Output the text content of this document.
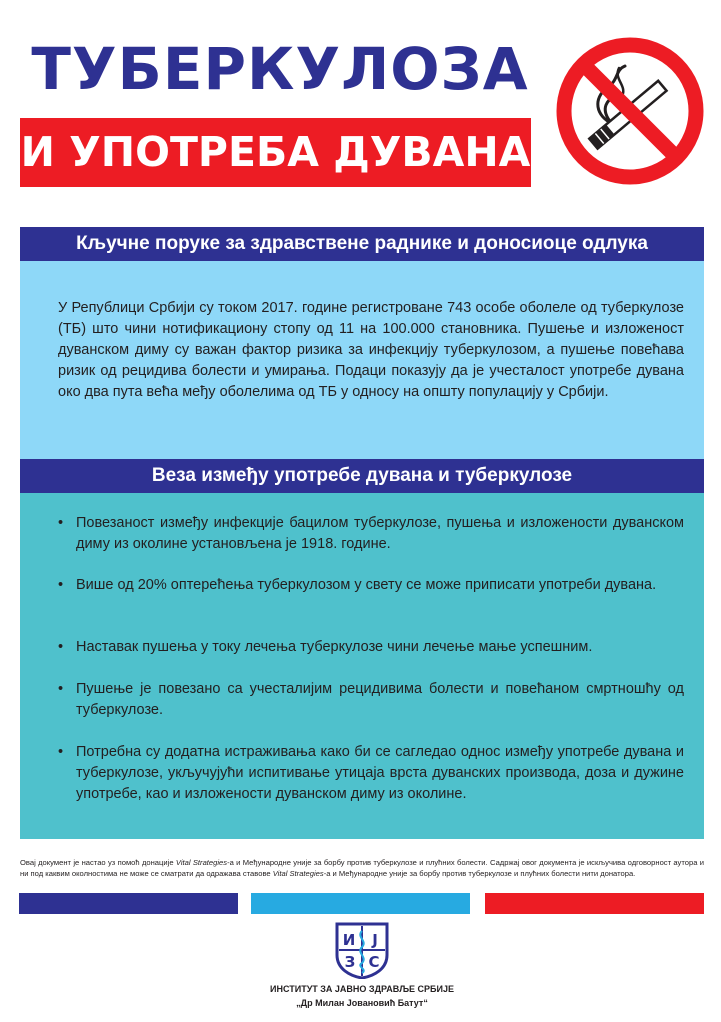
ТУБЕРКУЛОЗА
И УПОТРЕБА ДУВАНА
Кључне поруке за здравствене раднике и доносиоце одлука

У Републици Србији су током 2017. године регистроване 743 особе оболеле од туберкулозе (ТБ) што чини нотификациону стопу од 11 на 100.000 становника. Пушење и изложеност дуванском диму су важан фактор ризика за инфекцију туберкулозом, а пушење повећава ризик од рецидива болести и умирања. Подаци показују да је учесталост употребе дувана око два пута већа међу оболелима од ТБ у односу на општу популацију у Србији.

Веза између употребе дувана и туберкулозе
• Повезаност између инфекције бацилом туберкулозе, пушења и изложености дуванском диму из околине установљена је 1918. године.
• Више од 20% оптерећења туберкулозом у свету се може приписати употреби дувана.
• Наставак пушења у току лечења туберкулозе чини лечење мање успешним.
• Пушење је повезано са учесталијим рецидивима болести и повећаном смртношћу од туберкулозе.
• Потребна су додатна истраживања како би се сагледао однос између употребе дувана и туберкулозе, укључујући испитивање утицаја врста дуванских производа, доза и дужине употребе, као и изложености дуванском диму из околине.
Овај документ је настао уз помоћ донације Vital Strategies-а и Међународне уније за борбу против туберкулозе и плућних болести. Садржај овог документа је искључива одговорност аутора и ни под каквим околностима не може се сматрати да одражава ставове Vital Strategies-а и Међународне уније за борбу против туберкулозе и плућних болести нити донатора.
И Ј
З С
ИНСТИТУТ ЗА ЈАВНО ЗДРАВЉЕ СРБИЈЕ
„Др Милан Јовановић Батут“
